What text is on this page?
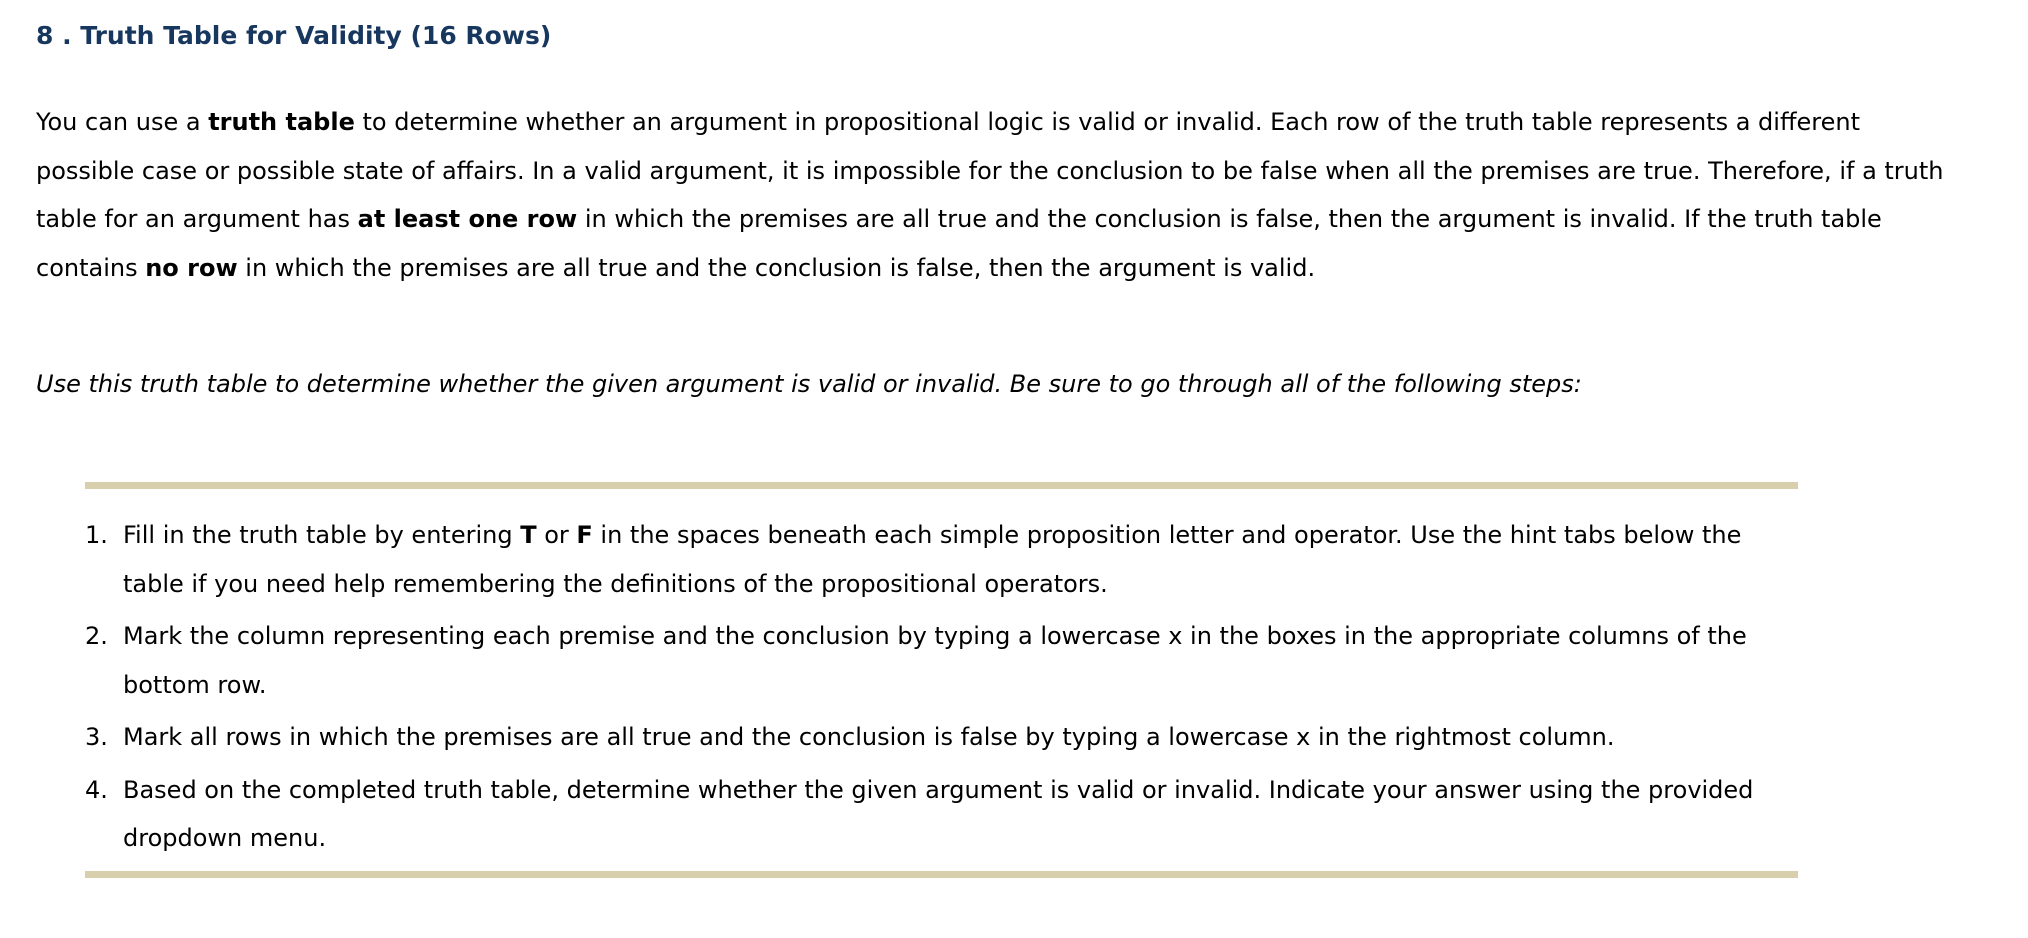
8 . Truth Table for Validity (16 Rows)

You can use a truth table to determine whether an argument in propositional logic is valid or invalid. Each row of the truth table represents a different possible case or possible state of affairs. In a valid argument, it is impossible for the conclusion to be false when all the premises are true. Therefore, if a truth table for an argument has at least one row in which the premises are all true and the conclusion is false, then the argument is invalid. If the truth table contains no row in which the premises are all true and the conclusion is false, then the argument is valid.

Use this truth table to determine whether the given argument is valid or invalid. Be sure to go through all of the following steps:

1. Fill in the truth table by entering T or F in the spaces beneath each simple proposition letter and operator. Use the hint tabs below the table if you need help remembering the definitions of the propositional operators.
2. Mark the column representing each premise and the conclusion by typing a lowercase x in the boxes in the appropriate columns of the bottom row.
3. Mark all rows in which the premises are all true and the conclusion is false by typing a lowercase x in the rightmost column.
4. Based on the completed truth table, determine whether the given argument is valid or invalid. Indicate your answer using the provided dropdown menu.
